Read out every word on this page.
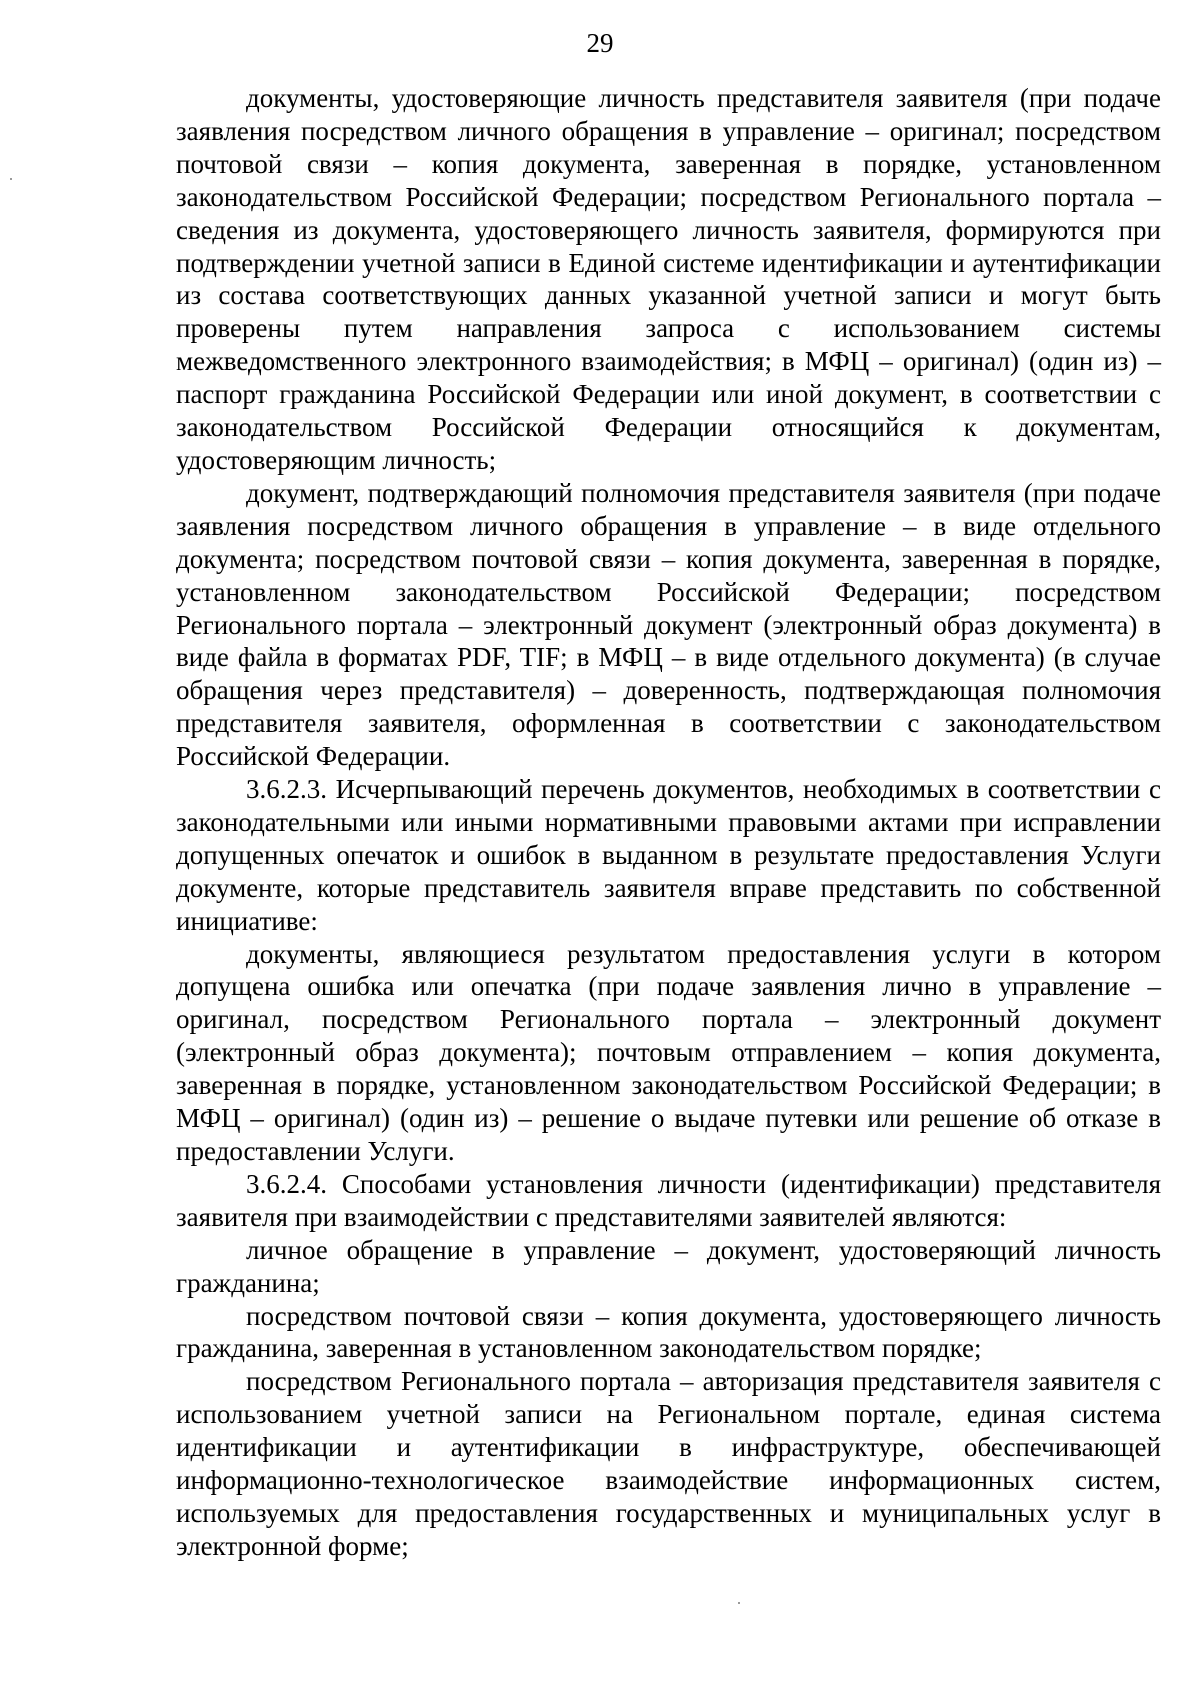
29

документы, удостоверяющие личность представителя заявителя (при подаче заявления посредством личного обращения в управление – оригинал; посредством почтовой связи – копия документа, заверенная в порядке, установленном законодательством Российской Федерации; посредством Регионального портала – сведения из документа, удостоверяющего личность заявителя, формируются при подтверждении учетной записи в Единой системе идентификации и аутентификации из состава соответствующих данных указанной учетной записи и могут быть проверены путем направления запроса с использованием системы межведомственного электронного взаимодействия; в МФЦ – оригинал) (один из) – паспорт гражданина Российской Федерации или иной документ, в соответствии с законодательством Российской Федерации относящийся к документам, удостоверяющим личность;

документ, подтверждающий полномочия представителя заявителя (при подаче заявления посредством личного обращения в управление – в виде отдельного документа; посредством почтовой связи – копия документа, заверенная в порядке, установленном законодательством Российской Федерации; посредством Регионального портала – электронный документ (электронный образ документа) в виде файла в форматах PDF, TIF; в МФЦ – в виде отдельного документа) (в случае обращения через представителя) – доверенность, подтверждающая полномочия представителя заявителя, оформленная в соответствии с законодательством Российской Федерации.

3.6.2.3. Исчерпывающий перечень документов, необходимых в соответствии с законодательными или иными нормативными правовыми актами при исправлении допущенных опечаток и ошибок в выданном в результате предоставления Услуги документе, которые представитель заявителя вправе представить по собственной инициативе:

документы, являющиеся результатом предоставления услуги в котором допущена ошибка или опечатка (при подаче заявления лично в управление – оригинал, посредством Регионального портала – электронный документ (электронный образ документа); почтовым отправлением – копия документа, заверенная в порядке, установленном законодательством Российской Федерации; в МФЦ – оригинал) (один из) – решение о выдаче путевки или решение об отказе в предоставлении Услуги.

3.6.2.4. Способами установления личности (идентификации) представителя заявителя при взаимодействии с представителями заявителей являются:

личное обращение в управление – документ, удостоверяющий личность гражданина;

посредством почтовой связи – копия документа, удостоверяющего личность гражданина, заверенная в установленном законодательством порядке;

посредством Регионального портала – авторизация представителя заявителя с использованием учетной записи на Региональном портале, единая система идентификации и аутентификации в инфраструктуре, обеспечивающей информационно-технологическое взаимодействие информационных систем, используемых для предоставления государственных и муниципальных услуг в электронной форме;
